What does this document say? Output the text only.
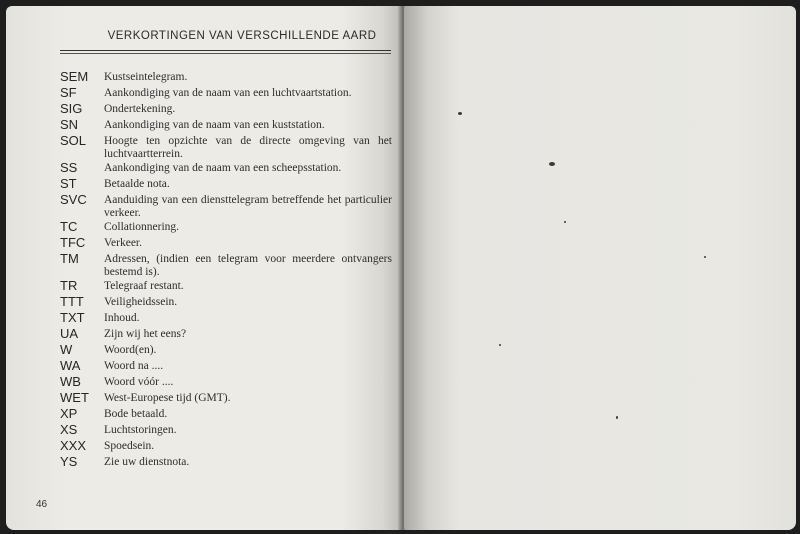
VERKORTINGEN VAN VERSCHILLENDE AARD
SEM	Kustseintelegram.
SF	Aankondiging van de naam van een luchtvaartstation.
SIG	Ondertekening.
SN	Aankondiging van de naam van een kuststation.
SOL	Hoogte ten opzichte van de directe omgeving van het luchtvaartterrein.
SS	Aankondiging van de naam van een scheepsstation.
ST	Betaalde nota.
SVC	Aanduiding van een diensttelegram betreffende het particulier verkeer.
TC	Collationnering.
TFC	Verkeer.
TM	Adressen, (indien een telegram voor meerdere ontvangers bestemd is).
TR	Telegraaf restant.
TTT	Veiligheidssein.
TXT	Inhoud.
UA	Zijn wij het eens?
W	Woord(en).
WA	Woord na ....
WB	Woord vóór ....
WET	West-Europese tijd (GMT).
XP	Bode betaald.
XS	Luchtstoringen.
XXX	Spoedsein.
YS	Zie uw dienstnota.
46
